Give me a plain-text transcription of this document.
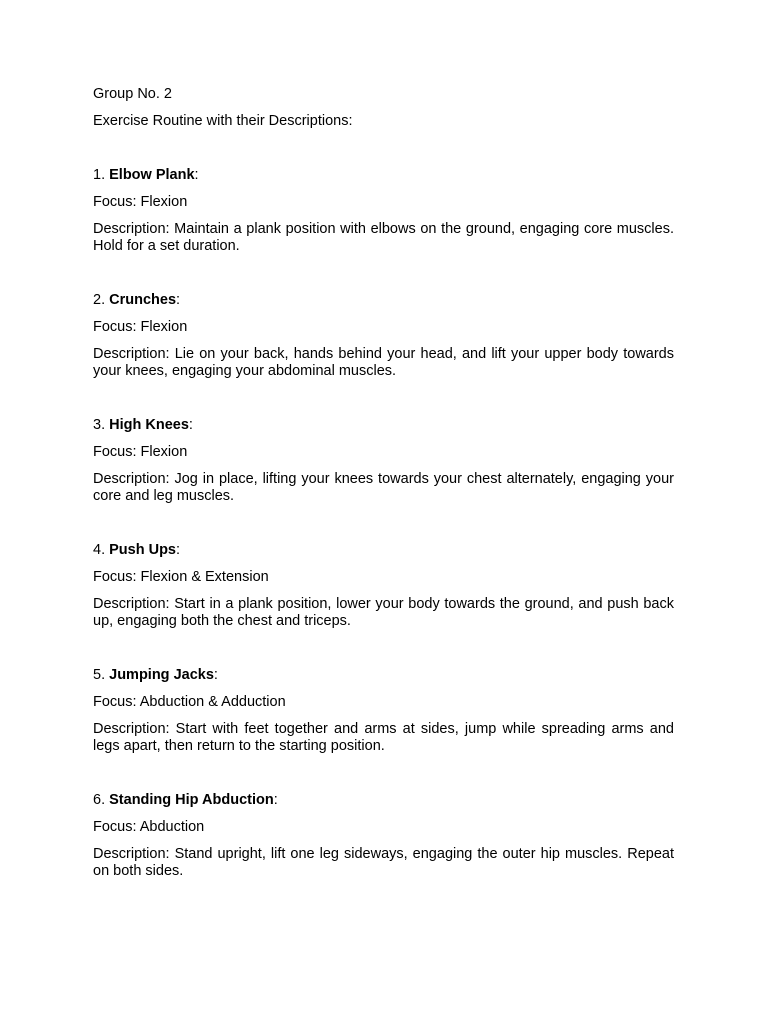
Group No. 2

Exercise Routine with their Descriptions:

1. Elbow Plank:

Focus: Flexion

Description: Maintain a plank position with elbows on the ground, engaging core muscles. Hold for a set duration.

2. Crunches:

Focus: Flexion

Description: Lie on your back, hands behind your head, and lift your upper body towards your knees, engaging your abdominal muscles.

3. High Knees:

Focus: Flexion

Description: Jog in place, lifting your knees towards your chest alternately, engaging your core and leg muscles.

4. Push Ups:

Focus: Flexion & Extension

Description: Start in a plank position, lower your body towards the ground, and push back up, engaging both the chest and triceps.

5. Jumping Jacks:

Focus: Abduction & Adduction

Description: Start with feet together and arms at sides, jump while spreading arms and legs apart, then return to the starting position.

6. Standing Hip Abduction:

Focus: Abduction

Description: Stand upright, lift one leg sideways, engaging the outer hip muscles. Repeat on both sides.
